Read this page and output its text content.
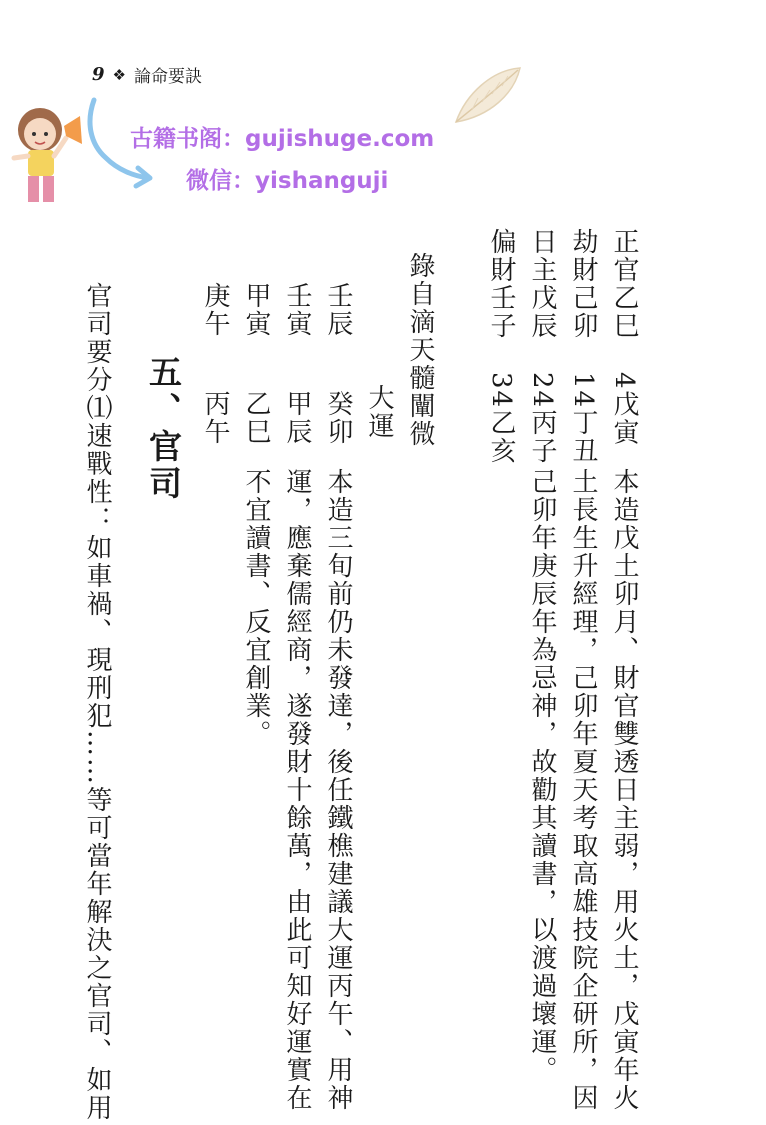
9 ❖ 論命要訣
古籍书阁：gujishuge.com
微信：yishanguji
正官乙巳4戊寅
劫財己卯14丁丑
日主戊辰24丙子
偏財壬子34乙亥
本造戊土卯月、財官雙透日主弱，用火土，戊寅年火
土長生升經理，己卯年夏天考取高雄技院企研所，因
己卯年庚辰年為忌神，故勸其讀書，以渡過壞運。
錄自滴天髓闡微
大運
壬辰癸卯本造三旬前仍未發達，後任鐵樵建議大運丙午、用神
壬寅甲辰運，應棄儒經商，遂發財十餘萬，由此可知好運實在
甲寅乙巳不宜讀書、反宜創業。
庚午丙午
五、官司
官司要分⑴速戰性：如車禍、現刑犯……等可當年解決之官司、如用
